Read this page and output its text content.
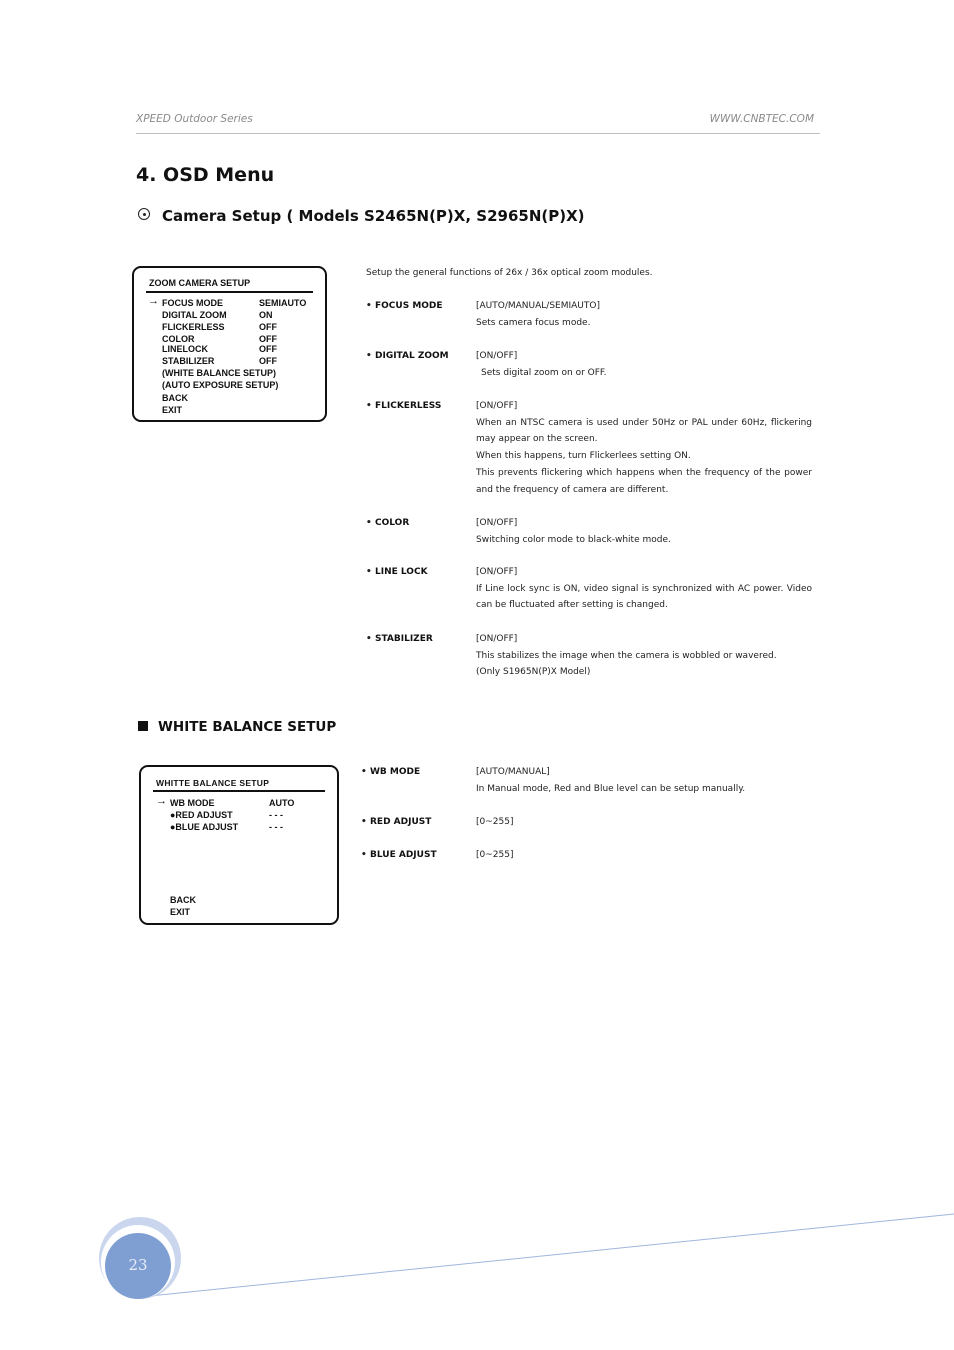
XPEED Outdoor Series	WWW.CNBTEC.COM
4. OSD Menu
Camera Setup ( Models S2465N(P)X, S2965N(P)X)
ZOOM CAMERA SETUP
→ FOCUS MODE	SEMIAUTO
DIGITAL ZOOM	ON
FLICKERLESS	OFF
COLOR	OFF
LINELOCK	OFF
STABILIZER	OFF
(WHITE BALANCE SETUP)
(AUTO EXPOSURE SETUP)
BACK
EXIT
Setup the general functions of 26x / 36x optical zoom modules.
• FOCUS MODE	[AUTO/MANUAL/SEMIAUTO]
Sets camera focus mode.
• DIGITAL ZOOM	[ON/OFF]
Sets digital zoom on or OFF.
• FLICKERLESS	[ON/OFF]
When an NTSC camera is used under 50Hz or PAL under 60Hz, flickering may appear on the screen.
When this happens, turn Flickerlees setting ON.
This prevents flickering which happens when the frequency of the power and the frequency of camera are different.
• COLOR	[ON/OFF]
Switching color mode to black-white mode.
• LINE LOCK	[ON/OFF]
If Line lock sync is ON, video signal is synchronized with AC power. Video can be fluctuated after setting is changed.
• STABILIZER	[ON/OFF]
This stabilizes the image when the camera is wobbled or wavered.
(Only S1965N(P)X Model)
WHITE BALANCE SETUP
WHITTE BALANCE SETUP
→ WB MODE	AUTO
●RED ADJUST	- - -
●BLUE ADJUST	- - -
BACK
EXIT
• WB MODE	[AUTO/MANUAL]
In Manual mode, Red and Blue level can be setup manually.
• RED ADJUST	[0~255]
• BLUE ADJUST	[0~255]
23
